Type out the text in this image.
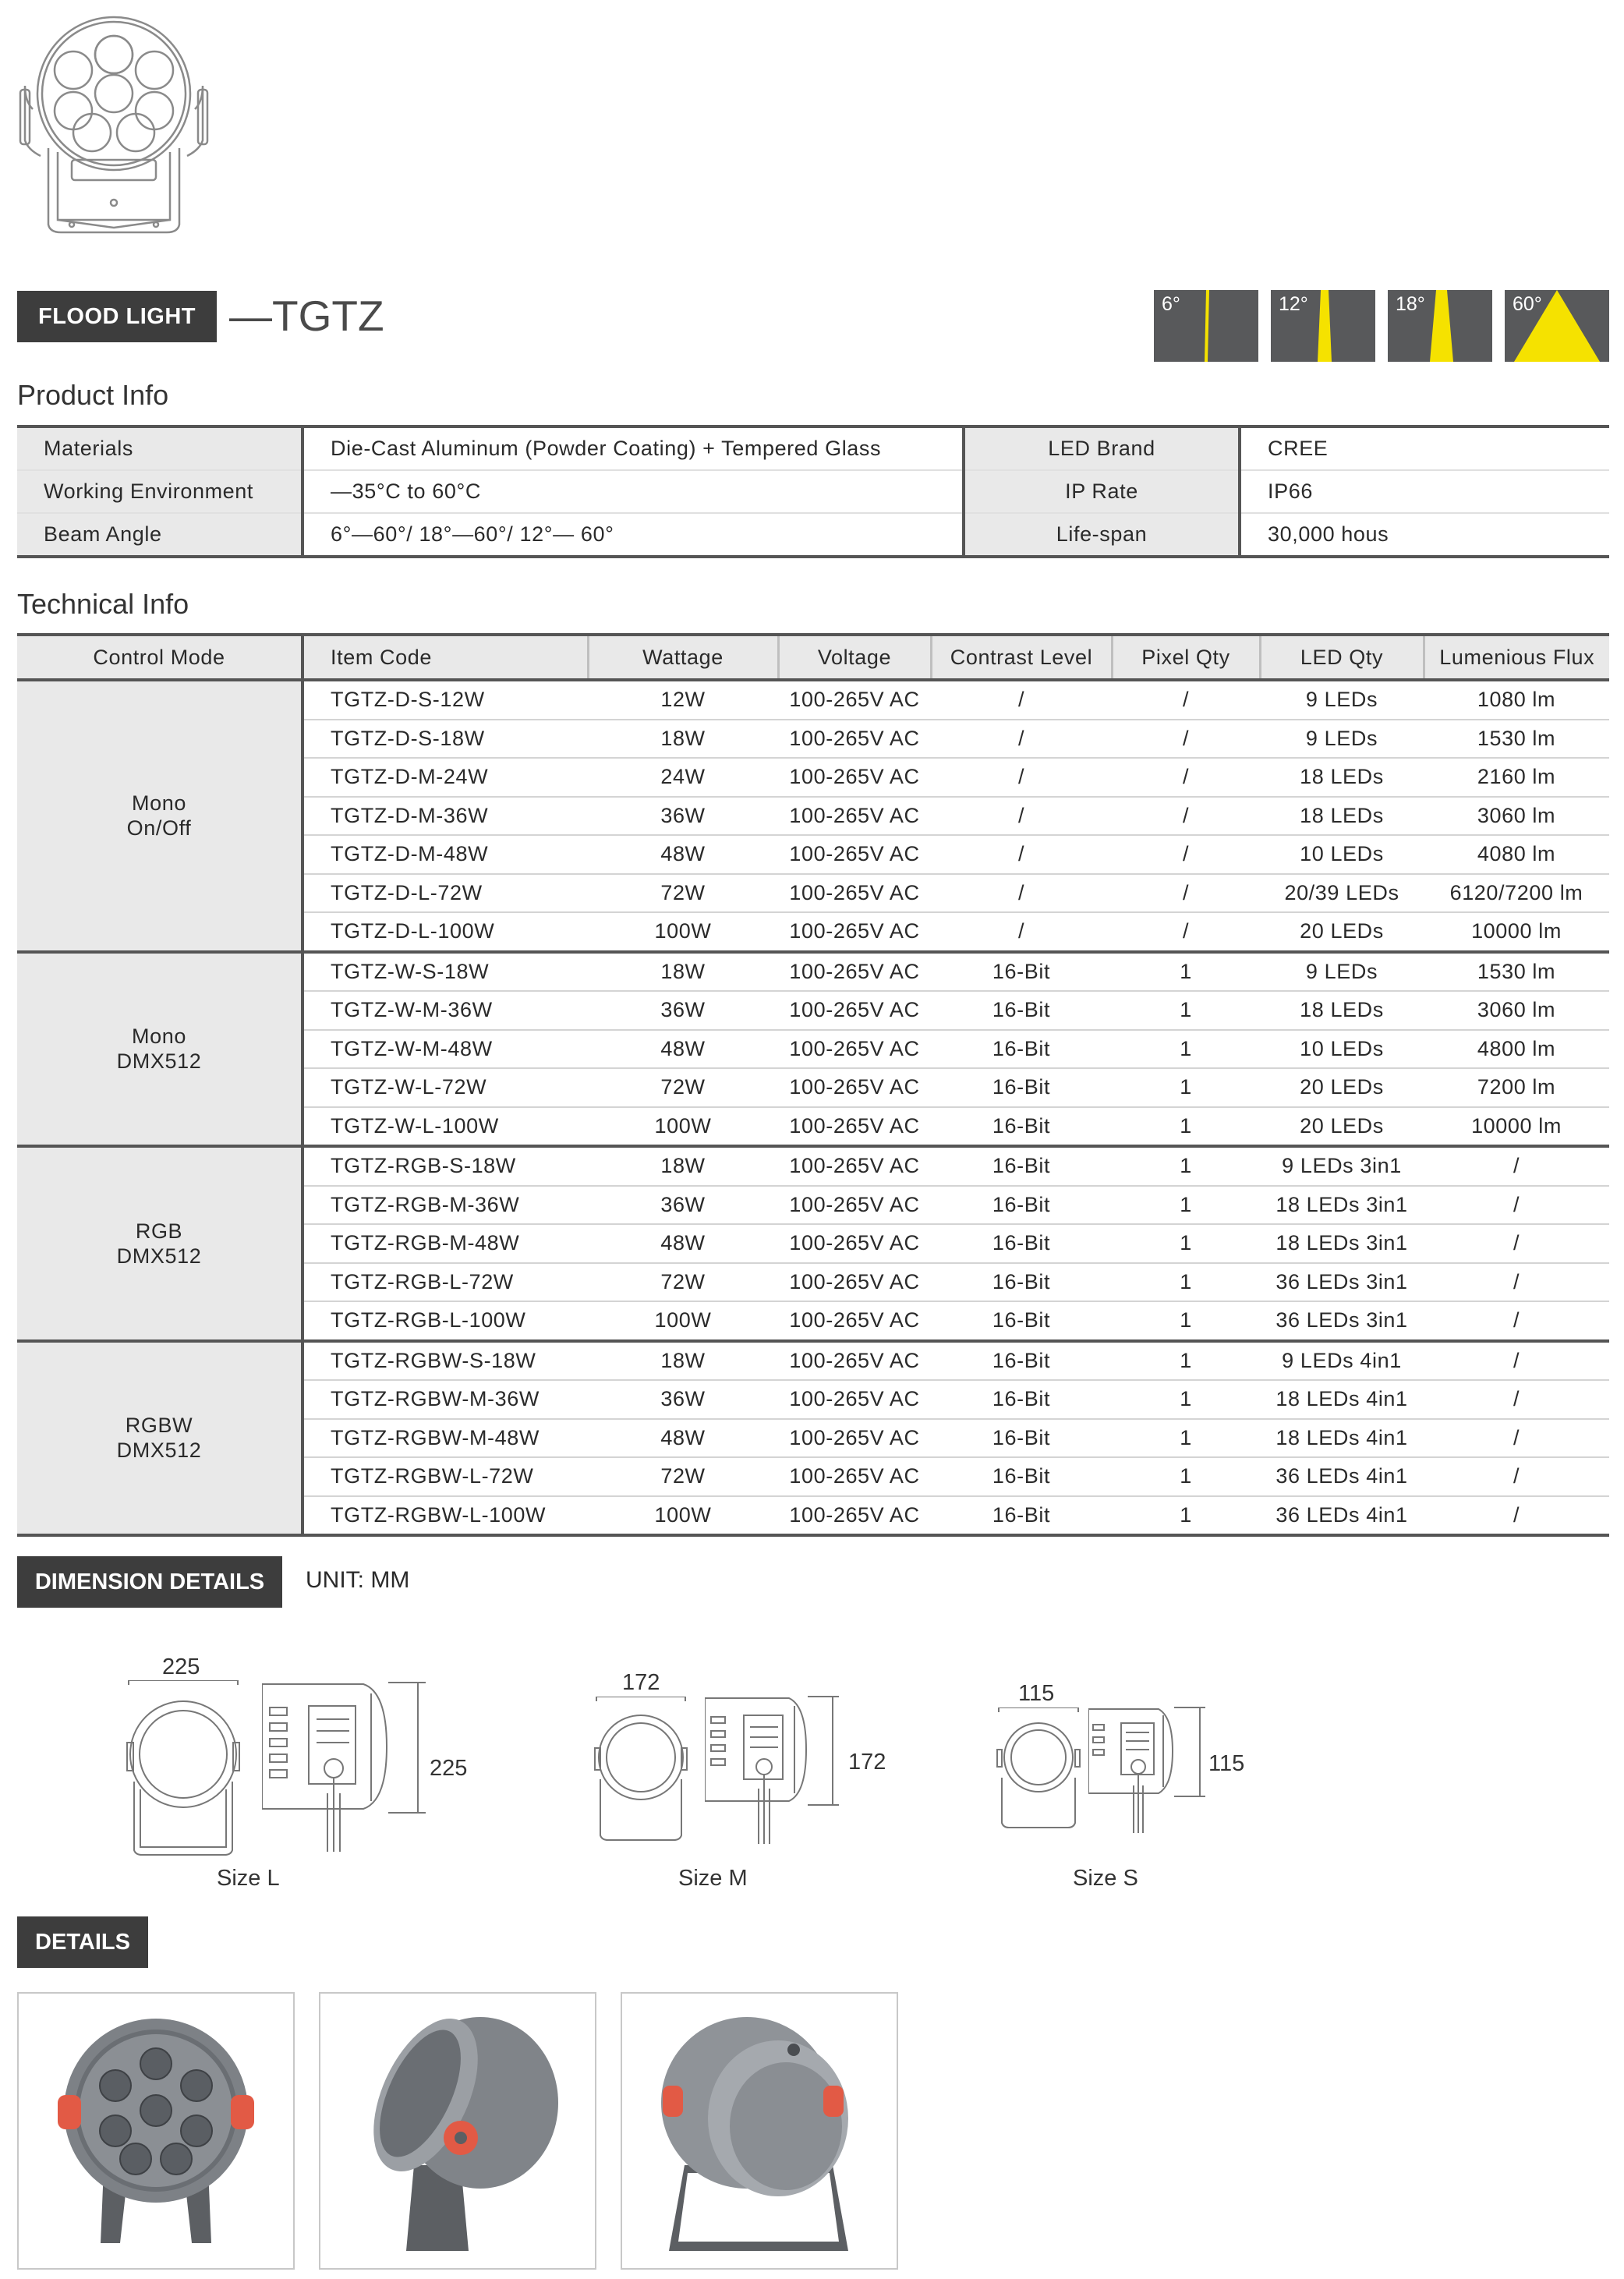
FLOOD LIGHT —TGTZ	6°	12°	18°	60°
Product Info
Materials	Die-Cast Aluminum (Powder Coating) + Tempered Glass	LED Brand	CREE
Working Environment	—35°C to 60°C	IP Rate	IP66
Beam Angle	6°—60°/ 18°—60°/ 12°— 60°	Life-span	30,000 hous
Technical Info
Control Mode	Item Code	Wattage	Voltage	Contrast Level	Pixel Qty	LED Qty	Lumenious Flux

Mono
On/Off	TGTZ-D-S-12W	12W	100-265V AC	/	/	9 LEDs	1080 lm
	TGTZ-D-S-18W	18W	100-265V AC	/	/	9 LEDs	1530 lm
	TGTZ-D-M-24W	24W	100-265V AC	/	/	18 LEDs	2160 lm
	TGTZ-D-M-36W	36W	100-265V AC	/	/	18 LEDs	3060 lm
	TGTZ-D-M-48W	48W	100-265V AC	/	/	10 LEDs	4080 lm
	TGTZ-D-L-72W	72W	100-265V AC	/	/	20/39 LEDs	6120/7200 lm
	TGTZ-D-L-100W	100W	100-265V AC	/	/	20 LEDs	10000 lm

Mono
DMX512	TGTZ-W-S-18W	18W	100-265V AC	16-Bit	1	9 LEDs	1530 lm
	TGTZ-W-M-36W	36W	100-265V AC	16-Bit	1	18 LEDs	3060 lm
	TGTZ-W-M-48W	48W	100-265V AC	16-Bit	1	10 LEDs	4800 lm
	TGTZ-W-L-72W	72W	100-265V AC	16-Bit	1	20 LEDs	7200 lm
	TGTZ-W-L-100W	100W	100-265V AC	16-Bit	1	20 LEDs	10000 lm

RGB
DMX512	TGTZ-RGB-S-18W	18W	100-265V AC	16-Bit	1	9 LEDs 3in1	/
	TGTZ-RGB-M-36W	36W	100-265V AC	16-Bit	1	18 LEDs 3in1	/
	TGTZ-RGB-M-48W	48W	100-265V AC	16-Bit	1	18 LEDs 3in1	/
	TGTZ-RGB-L-72W	72W	100-265V AC	16-Bit	1	36 LEDs 3in1	/
	TGTZ-RGB-L-100W	100W	100-265V AC	16-Bit	1	36 LEDs 3in1	/

RGBW
DMX512	TGTZ-RGBW-S-18W	18W	100-265V AC	16-Bit	1	9 LEDs 4in1	/
	TGTZ-RGBW-M-36W	36W	100-265V AC	16-Bit	1	18 LEDs 4in1	/
	TGTZ-RGBW-M-48W	48W	100-265V AC	16-Bit	1	18 LEDs 4in1	/
	TGTZ-RGBW-L-72W	72W	100-265V AC	16-Bit	1	36 LEDs 4in1	/
	TGTZ-RGBW-L-100W	100W	100-265V AC	16-Bit	1	36 LEDs 4in1	/
DIMENSION DETAILS	UNIT: MM
225
225
Size L
172
172
Size M
115
115
Size S
DETAILS
